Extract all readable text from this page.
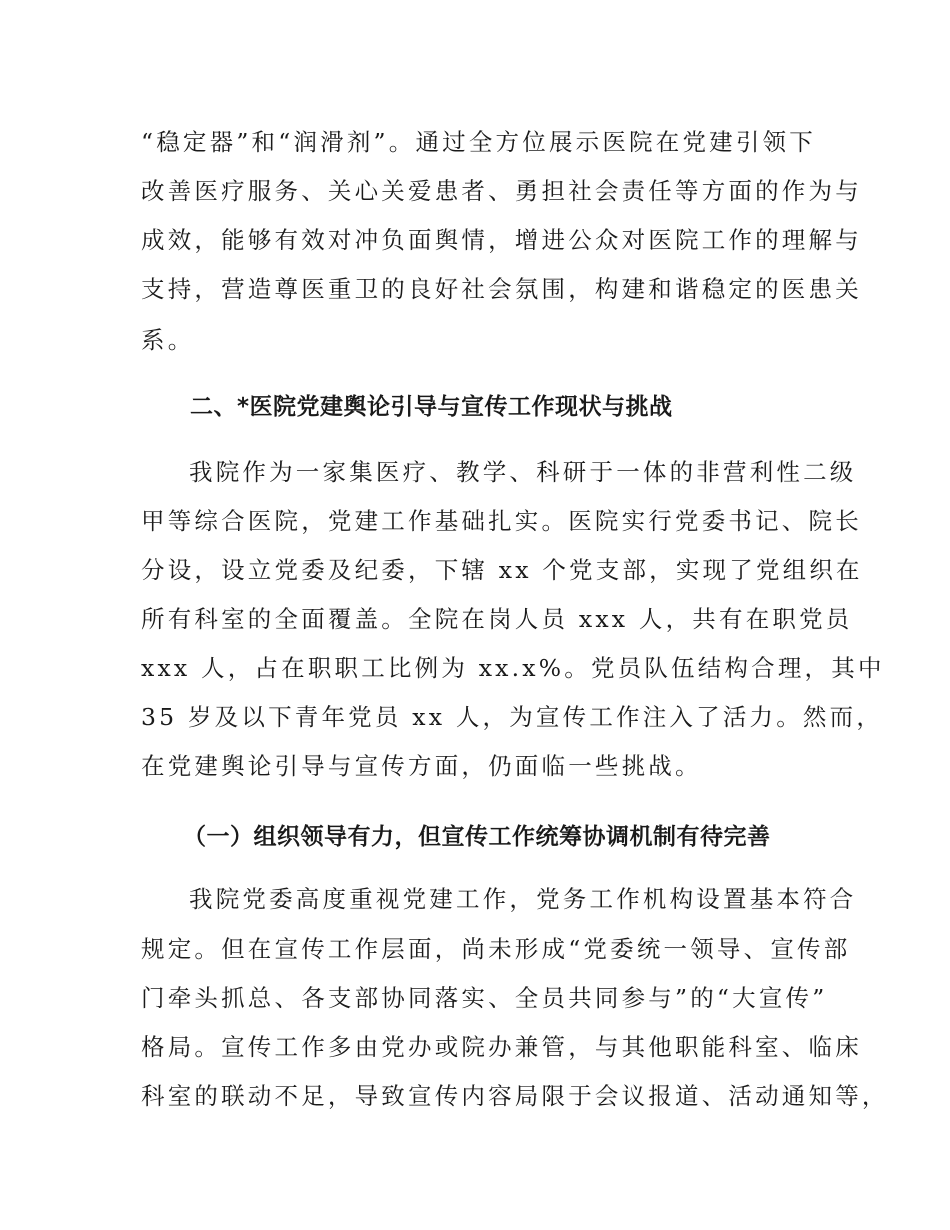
“稳定器”和“润滑剂”。通过全方位展示医院在党建引领下
改善医疗服务、关心关爱患者、勇担社会责任等方面的作为与
成效，能够有效对冲负面舆情，增进公众对医院工作的理解与
支持，营造尊医重卫的良好社会氛围，构建和谐稳定的医患关
系。
二、*医院党建舆论引导与宣传工作现状与挑战
我院作为一家集医疗、教学、科研于一体的非营利性二级
甲等综合医院，党建工作基础扎实。医院实行党委书记、院长
分设，设立党委及纪委，下辖 xx 个党支部，实现了党组织在
所有科室的全面覆盖。全院在岗人员 xxx 人，共有在职党员
xxx 人，占在职职工比例为 xx.x%。党员队伍结构合理，其中
35 岁及以下青年党员 xx 人，为宣传工作注入了活力。然而，
在党建舆论引导与宣传方面，仍面临一些挑战。
（一）组织领导有力，但宣传工作统筹协调机制有待完善
我院党委高度重视党建工作，党务工作机构设置基本符合
规定。但在宣传工作层面，尚未形成“党委统一领导、宣传部
门牵头抓总、各支部协同落实、全员共同参与”的“大宣传”
格局。宣传工作多由党办或院办兼管，与其他职能科室、临床
科室的联动不足，导致宣传内容局限于会议报道、活动通知等，
